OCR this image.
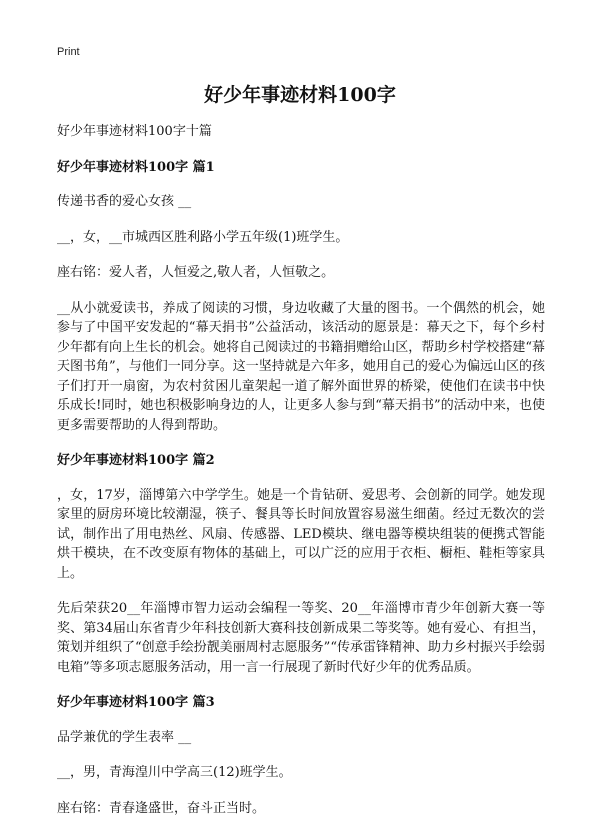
Print
好少年事迹材料100字

好少年事迹材料100字十篇

好少年事迹材料100字 篇1

传递书香的爱心女孩 __

__，女，__市城西区胜利路小学五年级(1)班学生。

座右铭：爱人者，人恒爱之,敬人者，人恒敬之。

__从小就爱读书，养成了阅读的习惯，身边收藏了大量的图书。一个偶然的机会，她参与了中国平安发起的“幕天捐书”公益活动，该活动的愿景是：幕天之下，每个乡村少年都有向上生长的机会。她将自己阅读过的书籍捐赠给山区，帮助乡村学校搭建“幕天图书角”，与他们一同分享。这一坚持就是六年多，她用自己的爱心为偏远山区的孩子们打开一扇窗，为农村贫困儿童架起一道了解外面世界的桥梁，使他们在读书中快乐成长!同时，她也积极影响身边的人，让更多人参与到“幕天捐书”的活动中来，也使更多需要帮助的人得到帮助。

好少年事迹材料100字 篇2

，女，17岁，淄博第六中学学生。她是一个肯钻研、爱思考、会创新的同学。她发现家里的厨房环境比较潮湿，筷子、餐具等长时间放置容易滋生细菌。经过无数次的尝试，制作出了用电热丝、风扇、传感器、LED模块、继电器等模块组装的便携式智能烘干模块，在不改变原有物体的基础上，可以广泛的应用于衣柜、橱柜、鞋柜等家具上。

先后荣获20__年淄博市智力运动会编程一等奖、20__年淄博市青少年创新大赛一等奖、第34届山东省青少年科技创新大赛科技创新成果二等奖等。她有爱心、有担当，策划并组织了“创意手绘扮靓美丽周村志愿服务”“传承雷锋精神、助力乡村振兴手绘弱电箱”等多项志愿服务活动，用一言一行展现了新时代好少年的优秀品质。

好少年事迹材料100字 篇3

品学兼优的学生表率 __

__，男，青海湟川中学高三(12)班学生。

座右铭：青春逢盛世，奋斗正当时。
